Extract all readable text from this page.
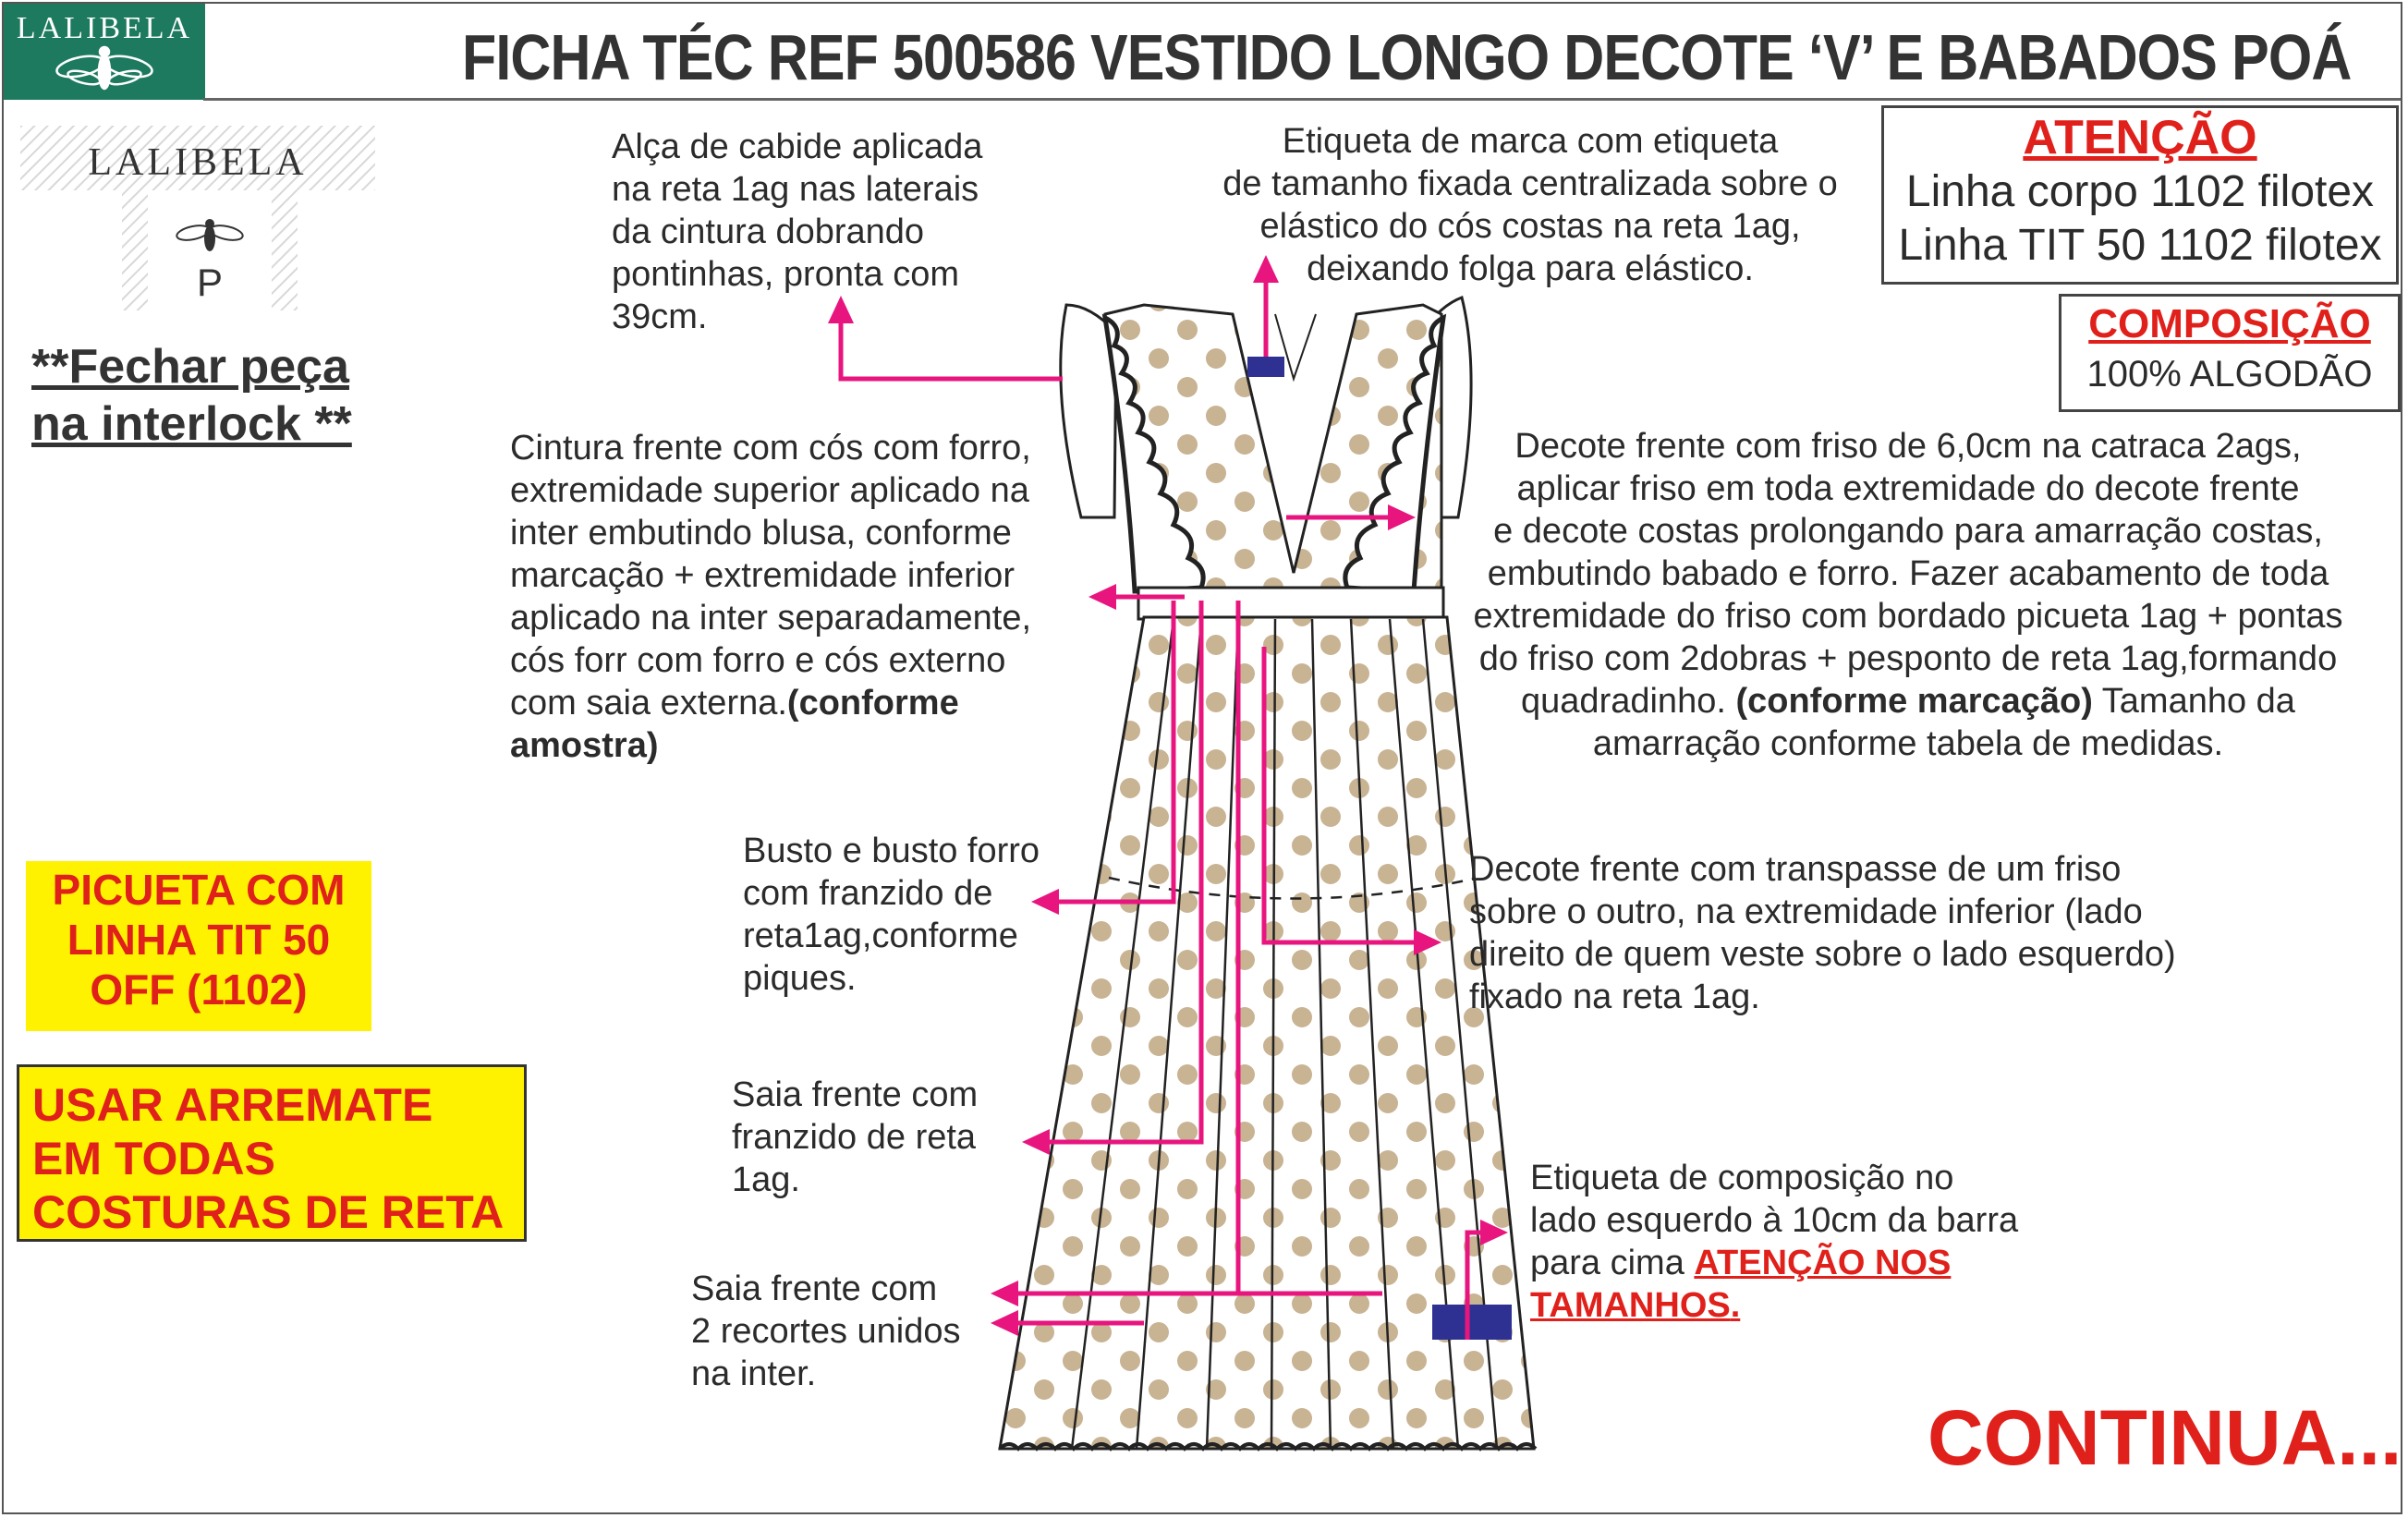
LALIBELA	FICHA TÉC REF 500586 VESTIDO LONGO DECOTE ‘V’ E BABADOS POÁ
LALIBELA
P
**Fechar peça
na interlock **
PICUETA COM
LINHA TIT 50
OFF (1102)
USAR ARREMATE
EM TODAS
COSTURAS DE RETA
ATENÇÃO
Linha corpo 1102 filotex
Linha TIT 50 1102 filotex
COMPOSIÇÃO
100% ALGODÃO
Alça de cabide aplicada
na reta 1ag nas laterais
da cintura dobrando
pontinhas, pronta com
39cm.
Etiqueta de marca com etiqueta
de tamanho fixada centralizada sobre o
elástico do cós costas na reta 1ag,
deixando folga para elástico.
Cintura frente com cós com forro,
extremidade superior aplicado na
inter embutindo blusa, conforme
marcação + extremidade inferior
aplicado na inter separadamente,
cós forr com forro e cós externo
com saia externa.(conforme
amostra)
Decote frente com friso de 6,0cm na catraca 2ags,
aplicar friso em toda extremidade do decote frente
e decote costas prolongando para amarração costas,
embutindo babado e forro. Fazer acabamento de toda
extremidade do friso com bordado picueta 1ag + pontas
do friso com 2dobras + pesponto de reta 1ag,formando
quadradinho. (conforme marcação) Tamanho da
amarração conforme tabela de medidas.
Busto e busto forro
com franzido de
reta1ag,conforme
piques.
Decote frente com transpasse de um friso
sobre o outro, na extremidade inferior (lado
direito de quem veste sobre o lado esquerdo)
fixado na reta 1ag.
Saia frente com
franzido de reta
1ag.	Etiqueta de composição no
lado esquerdo à 10cm da barra
para cima ATENÇÃO NOS
TAMANHOS.
Saia frente com
2 recortes unidos
na inter.
CONTINUA...
